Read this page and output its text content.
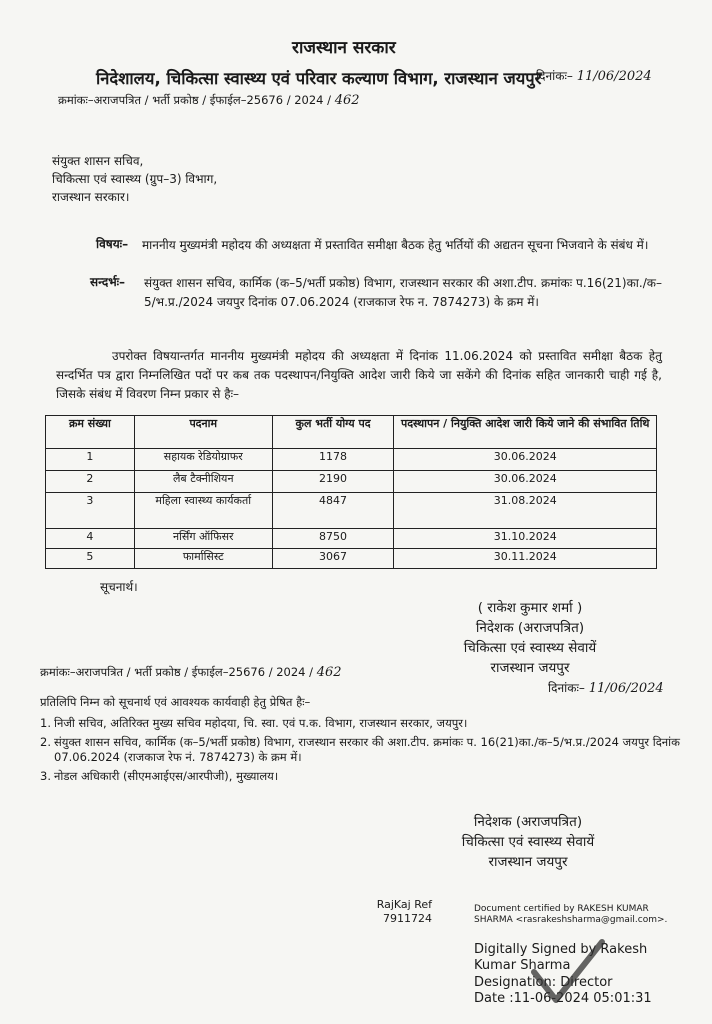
राजस्थान सरकार
निदेशालय, चिकित्सा स्वास्थ्य एवं परिवार कल्याण विभाग, राजस्थान जयपुर
दिनांकः– 11/06/2024
क्रमांकः–अराजपत्रित / भर्ती प्रकोष्ठ / ईफाईल–25676 / 2024 / 462
संयुक्त शासन सचिव,
चिकित्सा एवं स्वास्थ्य (ग्रुप–3) विभाग,
राजस्थान सरकार।
विषयः– माननीय मुख्यमंत्री महोदय की अध्यक्षता में प्रस्तावित समीक्षा बैठक हेतु भर्तियों की अद्यतन सूचना भिजवाने के संबंध में।
सन्दर्भः– संयुक्त शासन सचिव, कार्मिक (क–5/भर्ती प्रकोष्ठ) विभाग, राजस्थान सरकार की अशा.टीप. क्रमांकः प.16(21)का./क–5/भ.प्र./2024 जयपुर दिनांक 07.06.2024 (राजकाज रेफ न. 7874273) के क्रम में।
उपरोक्त विषयान्तर्गत माननीय मुख्यमंत्री महोदय की अध्यक्षता में दिनांक 11.06.2024 को प्रस्तावित समीक्षा बैठक हेतु सन्दर्भित पत्र द्वारा निम्नलिखित पदों पर कब तक पदस्थापन/नियुक्ति आदेश जारी किये जा सकेंगे की दिनांक सहित जानकारी चाही गई है, जिसके संबंध में विवरण निम्न प्रकार से हैः–
क्रम संख्या	पदनाम	कुल भर्ती योग्य पद	पदस्थापन / नियुक्ति आदेश जारी किये जाने की संभावित तिथि
1	सहायक रेडियोग्राफर	1178	30.06.2024
2	लैब टैक्नीशियन	2190	30.06.2024
3	महिला स्वास्थ्य कार्यकर्ता	4847	31.08.2024
4	नर्सिंग ऑफिसर	8750	31.10.2024
5	फार्मासिस्ट	3067	30.11.2024
सूचनार्थ।
( राकेश कुमार शर्मा )
निदेशक (अराजपत्रित)
चिकित्सा एवं स्वास्थ्य सेवायें
राजस्थान जयपुर
क्रमांकः–अराजपत्रित / भर्ती प्रकोष्ठ / ईफाईल–25676 / 2024 / 462
दिनांकः– 11/06/2024
प्रतिलिपि निम्न को सूचनार्थ एवं आवश्यक कार्यवाही हेतु प्रेषित हैः–
1. निजी सचिव, अतिरिक्त मुख्य सचिव महोदया, चि. स्वा. एवं प.क. विभाग, राजस्थान सरकार, जयपुर।
2. संयुक्त शासन सचिव, कार्मिक (क–5/भर्ती प्रकोष्ठ) विभाग, राजस्थान सरकार की अशा.टीप. क्रमांकः प. 16(21)का./क–5/भ.प्र./2024 जयपुर दिनांक 07.06.2024 (राजकाज रेफ नं. 7874273) के क्रम में।
3. नोडल अधिकारी (सीएमआईएस/आरपीजी), मुख्यालय।
निदेशक (अराजपत्रित)
चिकित्सा एवं स्वास्थ्य सेवायें
राजस्थान जयपुर
RajKaj Ref
7911724
Document certified by RAKESH KUMAR
SHARMA <rasrakeshsharma@gmail.com>.
Digitally Signed by Rakesh
Kumar Sharma
Designation: Director
Date :11-06-2024 05:01:31
